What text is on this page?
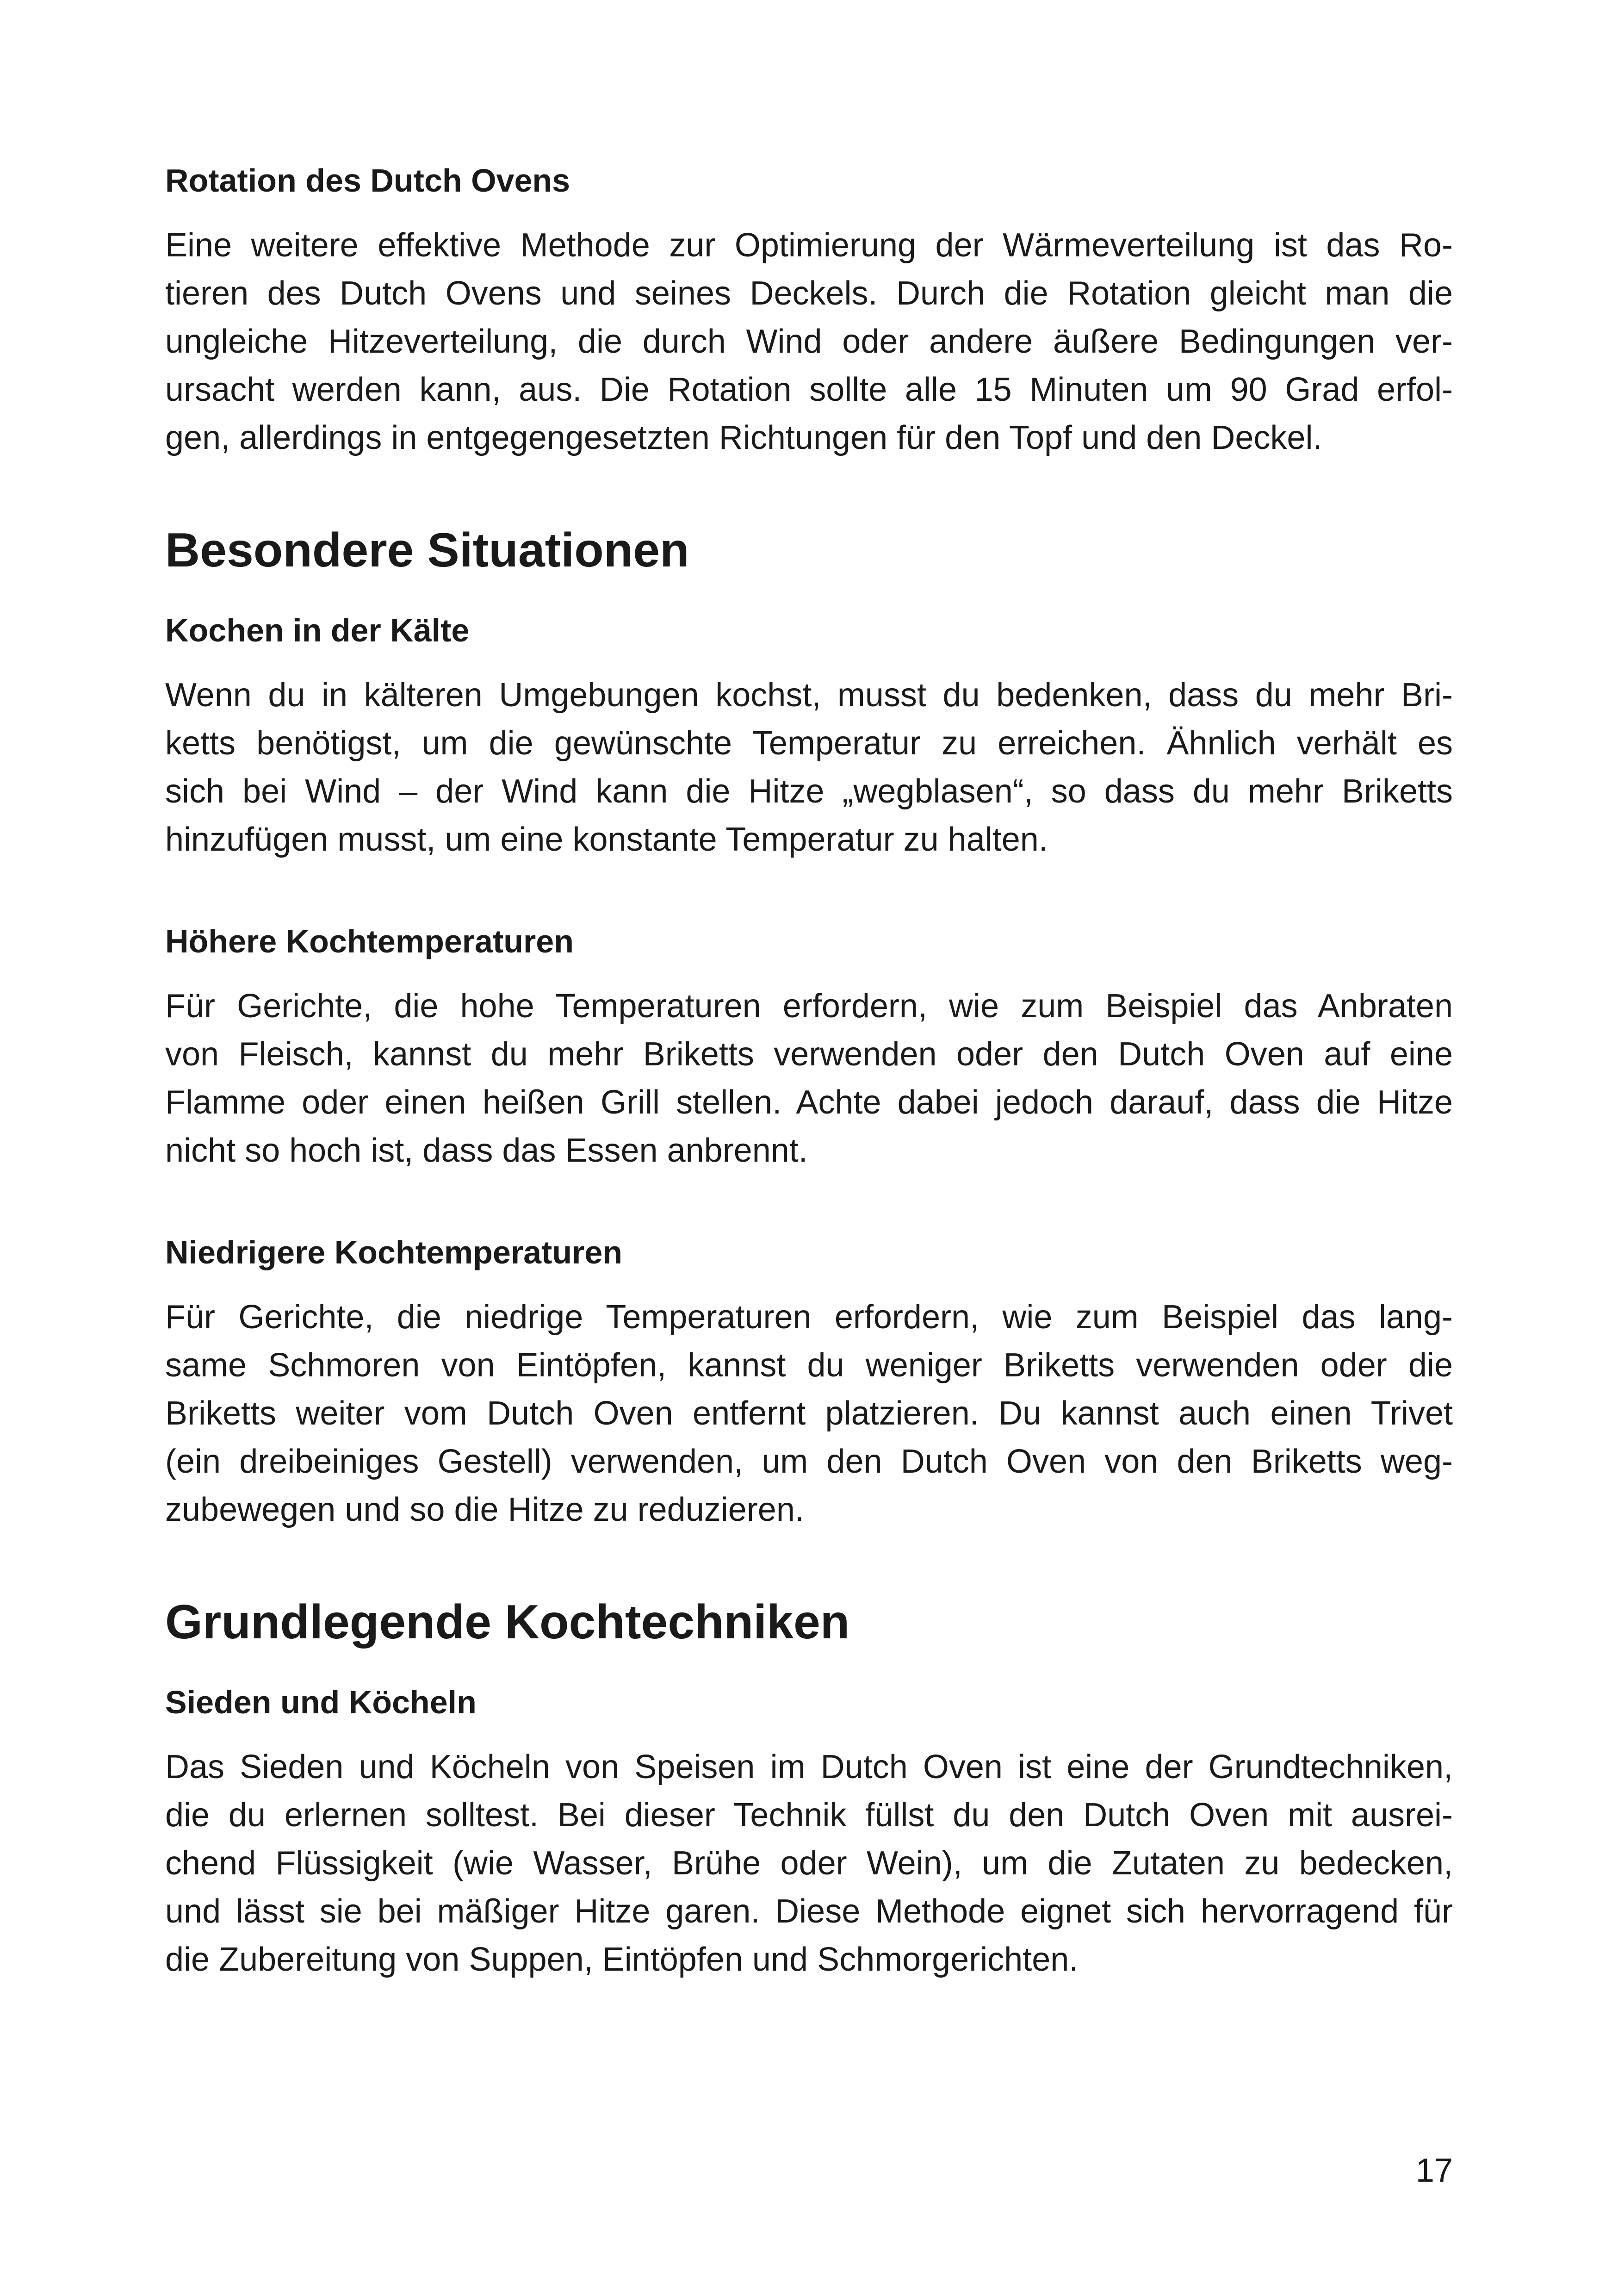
Rotation des Dutch Ovens
Eine weitere effektive Methode zur Optimierung der Wärmeverteilung ist das Ro-
tieren des Dutch Ovens und seines Deckels. Durch die Rotation gleicht man die
ungleiche Hitzeverteilung, die durch Wind oder andere äußere Bedingungen ver-
ursacht werden kann, aus. Die Rotation sollte alle 15 Minuten um 90 Grad erfol-
gen, allerdings in entgegengesetzten Richtungen für den Topf und den Deckel.
Besondere Situationen
Kochen in der Kälte
Wenn du in kälteren Umgebungen kochst, musst du bedenken, dass du mehr Bri-
ketts benötigst, um die gewünschte Temperatur zu erreichen. Ähnlich verhält es
sich bei Wind – der Wind kann die Hitze „wegblasen“, so dass du mehr Briketts
hinzufügen musst, um eine konstante Temperatur zu halten.
Höhere Kochtemperaturen
Für Gerichte, die hohe Temperaturen erfordern, wie zum Beispiel das Anbraten
von Fleisch, kannst du mehr Briketts verwenden oder den Dutch Oven auf eine
Flamme oder einen heißen Grill stellen. Achte dabei jedoch darauf, dass die Hitze
nicht so hoch ist, dass das Essen anbrennt.
Niedrigere Kochtemperaturen
Für Gerichte, die niedrige Temperaturen erfordern, wie zum Beispiel das lang-
same Schmoren von Eintöpfen, kannst du weniger Briketts verwenden oder die
Briketts weiter vom Dutch Oven entfernt platzieren. Du kannst auch einen Trivet
(ein dreibeiniges Gestell) verwenden, um den Dutch Oven von den Briketts weg-
zubewegen und so die Hitze zu reduzieren.
Grundlegende Kochtechniken
Sieden und Köcheln
Das Sieden und Köcheln von Speisen im Dutch Oven ist eine der Grundtechniken,
die du erlernen solltest. Bei dieser Technik füllst du den Dutch Oven mit ausrei-
chend Flüssigkeit (wie Wasser, Brühe oder Wein), um die Zutaten zu bedecken,
und lässt sie bei mäßiger Hitze garen. Diese Methode eignet sich hervorragend für
die Zubereitung von Suppen, Eintöpfen und Schmorgerichten.
17
